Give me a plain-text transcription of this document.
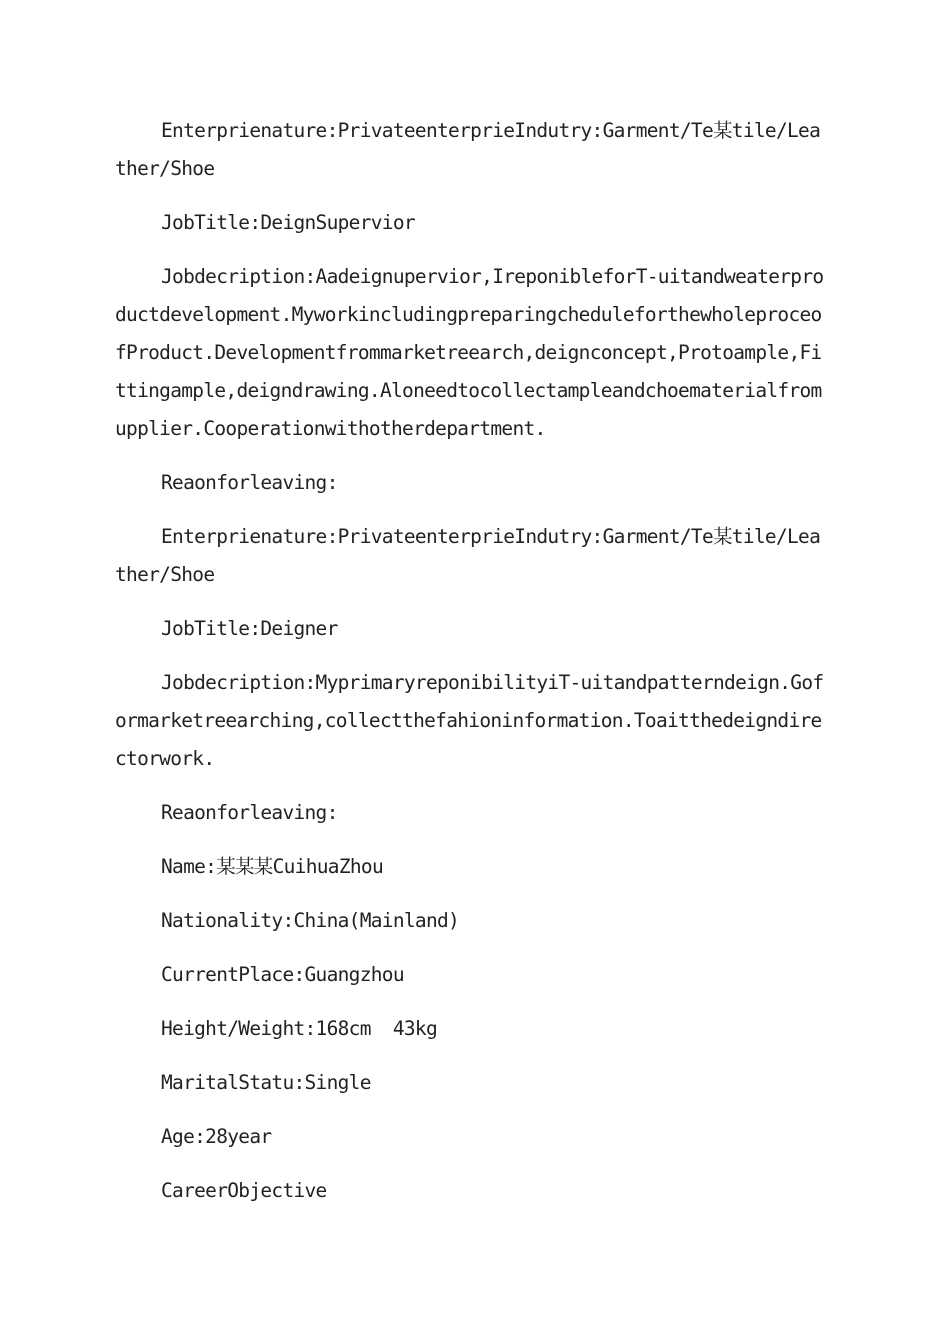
Enterprienature:PrivateenterprieIndutry:Garment/Te某tile/Leather/Shoe

JobTitle:DeignSupervior

Jobdecription:Aadeignupervior,IreponibleforT-uitandweaterproductdevelopment.Myworkincludingpreparingchedulefor​thewholeproceofProduct.Developmentfrommarketreearch,deignconcept,Protoample,Fittingample,deigndrawing.Aloneedtocollectampleandchoematerialfromupplier.Cooperationwithotherdepartment.

Reaonforleaving:

Enterprienature:PrivateenterprieIndutry:Garment/Te某tile/Leather/Shoe

JobTitle:Deigner

Jobdecription:MyprimaryreponibilityiT-uitandpatterndeign.Goformarketreearching,collectthefahioninformation.Toaitthedeigndirectorwork.

Reaonforleaving:

Name:某某某CuihuaZhou

Nationality:China(Mainland)

CurrentPlace:Guangzhou

Height/Weight:168cm  43kg

MaritalStatu:Single

Age:28year

CareerObjective
